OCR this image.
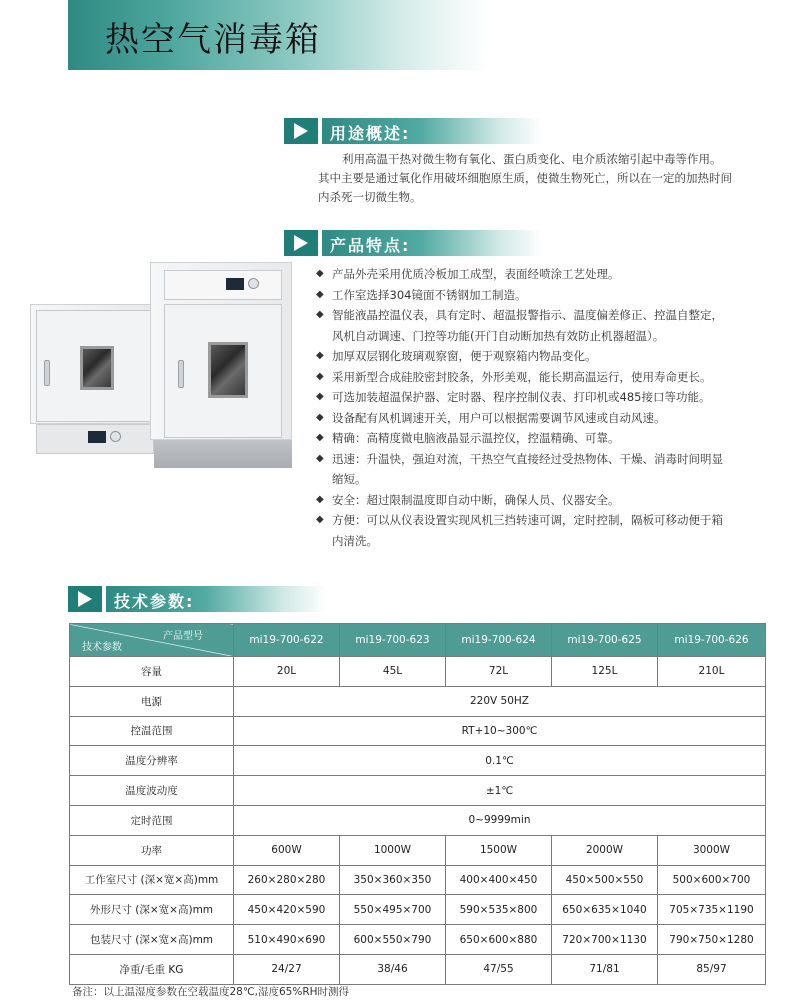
热空气消毒箱
用途概述:
利用高温干热对微生物有氧化、蛋白质变化、电介质浓缩引起中毒等作用。
其中主要是通过氧化作用破坏细胞原生质，使微生物死亡，所以在一定的加热时间
内杀死一切微生物。
产品特点:
◆ 产品外壳采用优质冷板加工成型，表面经喷涂工艺处理。
◆ 工作室选择304镜面不锈钢加工制造。
◆ 智能液晶控温仪表，具有定时、超温报警指示、温度偏差修正、控温自整定，
风机自动调速、门控等功能(开门自动断加热有效防止机器超温）。
◆ 加厚双层钢化玻璃观察窗，便于观察箱内物品变化。
◆ 采用新型合成硅胶密封胶条，外形美观，能长期高温运行，使用寿命更长。
◆ 可选加装超温保护器、定时器、程序控制仪表、打印机或485接口等功能。
◆ 设备配有风机调速开关，用户可以根据需要调节风速或自动风速。
◆ 精确：高精度微电脑液晶显示温控仪，控温精确、可靠。
◆ 迅速：升温快，强迫对流，干热空气直接经过受热物体、干燥、消毒时间明显
缩短。
◆ 安全：超过限制温度即自动中断，确保人员、仪器安全。
◆ 方便：可以从仪表设置实现风机三挡转速可调，定时控制，隔板可移动便于箱
内清洗。
技术参数:
产品型号
技术参数	mi19-700-622	mi19-700-623	mi19-700-624	mi19-700-625	mi19-700-626
容量	20L	45L	72L	125L	210L
电源	220V 50HZ				
控温范围	RT+10~300℃				
温度分辨率	0.1℃				
温度波动度	±1℃				
定时范围	0~9999min				
功率	600W	1000W	1500W	2000W	3000W
工作室尺寸 (深×宽×高)mm	260×280×280	350×360×350	400×400×450	450×500×550	500×600×700
外形尺寸 (深×宽×高)mm	450×420×590	550×495×700	590×535×800	650×635×1040	705×735×1190
包装尺寸 (深×宽×高)mm	510×490×690	600×550×790	650×600×880	720×700×1130	790×750×1280
净重/毛重 KG	24/27	38/46	47/55	71/81	85/97
备注：以上温湿度参数在空载温度28℃,湿度65%RH时测得
